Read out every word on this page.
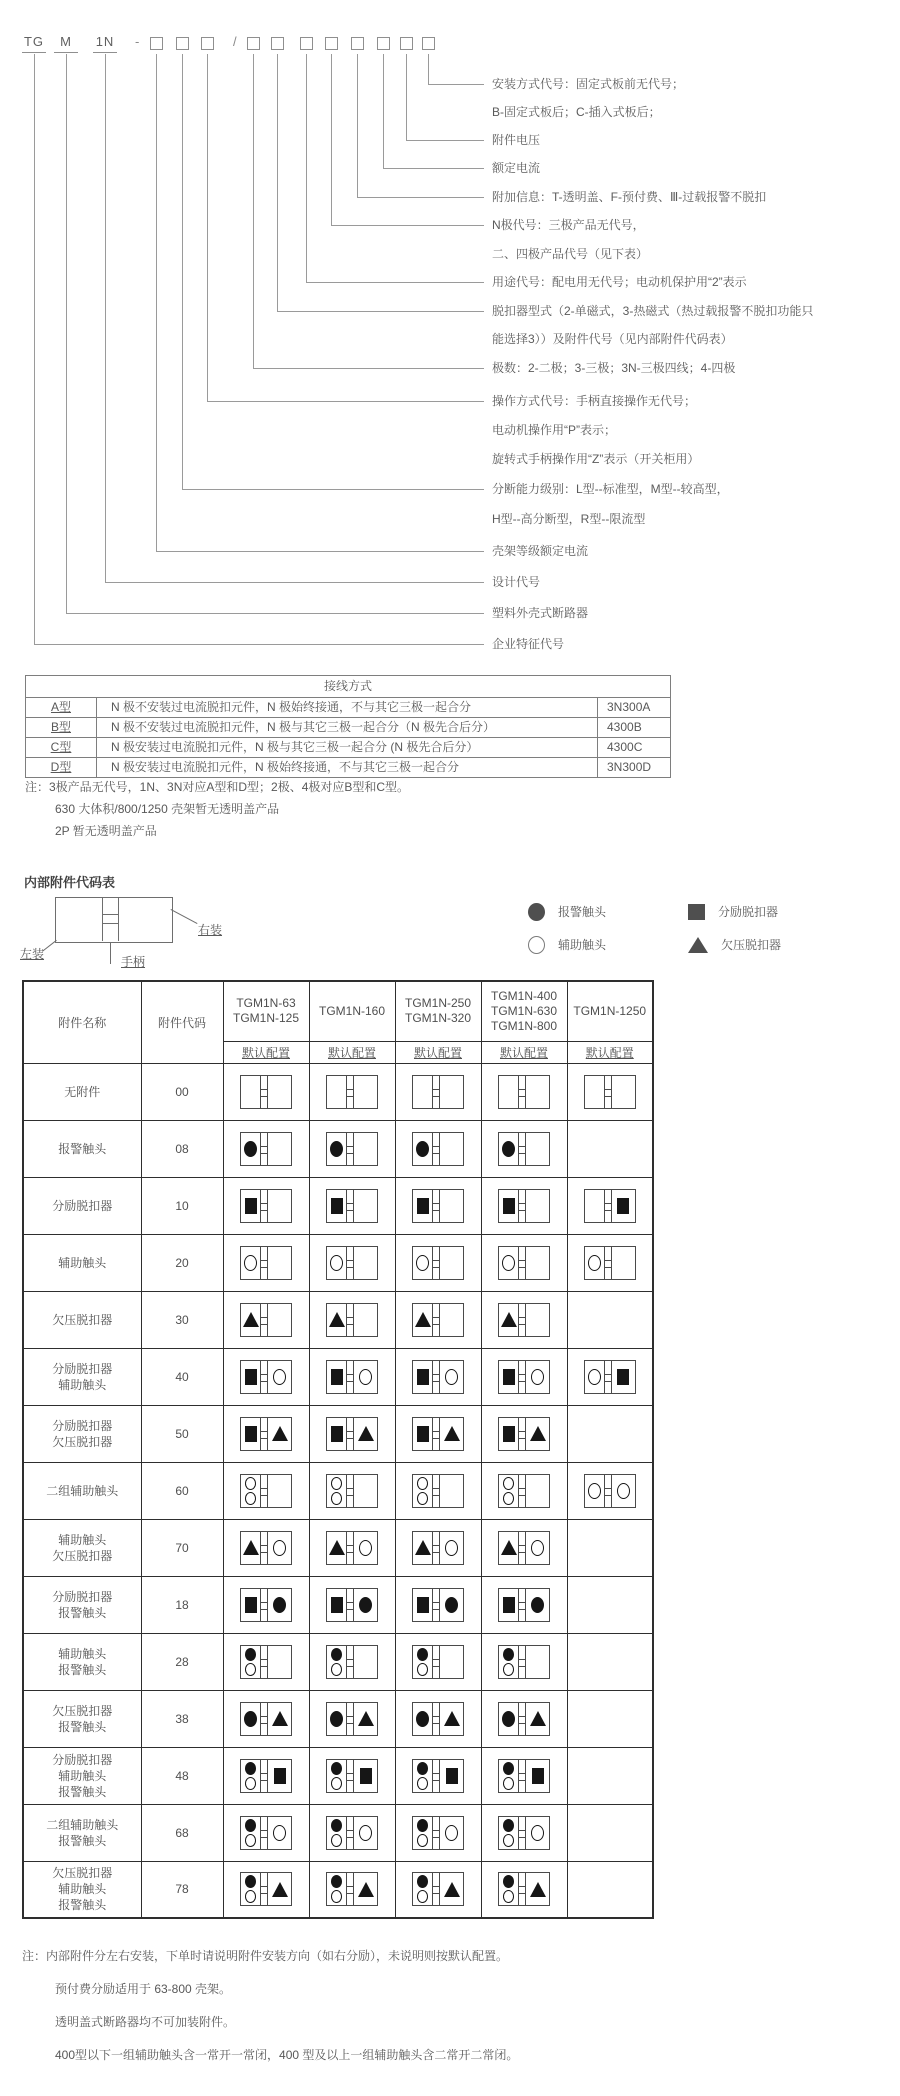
安装方式代号：固定式板前无代号；
B-固定式板后；C-插入式板后；
附件电压
额定电流
附加信息：T-透明盖、F-预付费、Ⅲ-过载报警不脱扣
N极代号：三极产品无代号，
二、四极产品代号（见下表）
用途代号：配电用无代号；电动机保护用“2”表示
脱扣器型式（2-单磁式，3-热磁式（热过载报警不脱扣功能只
能选择3））及附件代号（见内部附件代码表）
极数：2-二极；3-三极；3N-三极四线；4-四极
操作方式代号：手柄直接操作无代号；
电动机操作用“P”表示；
旋转式手柄操作用“Z”表示（开关柜用）
分断能力级别：L型--标准型，M型--较高型，
H型--高分断型，R型--限流型
壳架等级额定电流
设计代号
塑料外壳式断路器
企业特征代号
TG M 1N -	/
接线方式		
A型	N 极不安装过电流脱扣元件，N 极始终接通，不与其它三极一起合分	3N300A
B型	N 极不安装过电流脱扣元件，N 极与其它三极一起合分（N 极先合后分）	4300B
C型	N 极安装过电流脱扣元件，N 极与其它三极一起合分 (N 极先合后分）	4300C
D型	N 极安装过电流脱扣元件，N 极始终接通，不与其它三极一起合分	3N300D
注：3极产品无代号，1N、3N对应A型和D型；2极、4极对应B型和C型。
630 大体积/800/1250 壳架暂无透明盖产品
2P 暂无透明盖产品
内部附件代码表
左装
手柄
右装
报警触头	分励脱扣器
辅助触头	欠压脱扣器
附件名称	附件代码	
TGM1N-63
TGM1N-125

TGM1N-160

TGM1N-250
TGM1N-320

TGM1N-400
TGM1N-630
TGM1N-800

TGM1N-1250

		默认配置	默认配置	默认配置	默认配置	默认配置

无附件	00	

报警触头	08	

分励脱扣器	10	

辅助触头	20	

欠压脱扣器	30	

分励脱扣器
辅助触头	40	

分励脱扣器
欠压脱扣器	50	

二组辅助触头	60	

辅助触头
欠压脱扣器	70	

分励脱扣器
报警触头	18	

辅助触头
报警触头	28	

欠压脱扣器
报警触头	38	

分励脱扣器
辅助触头
报警触头	48	

二组辅助触头
报警触头	68	

欠压脱扣器
辅助触头
报警触头	78	

注：内部附件分左右安装，下单时请说明附件安装方向（如右分励），未说明则按默认配置。
预付费分励适用于 63-800 壳架。
透明盖式断路器均不可加装附件。
400型以下一组辅助触头含一常开一常闭，400 型及以上一组辅助触头含二常开二常闭。
